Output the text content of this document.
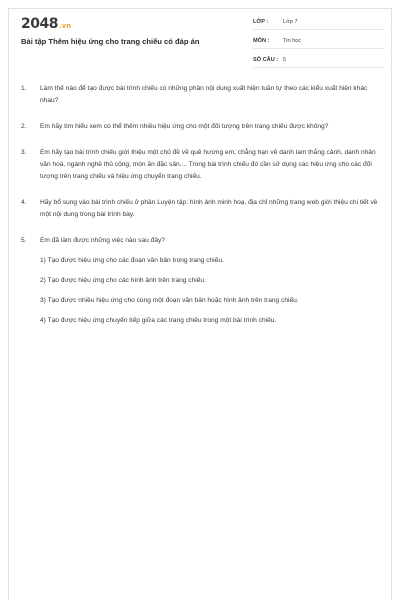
2048.vn
Bài tập Thêm hiệu ứng cho trang chiếu có đáp án
LỚP :	Lớp 7
MÔN :	Tin học
SỐ CÂU : 5
1.	Làm thế nào để tạo được bài trình chiếu có những phần nội dung xuất hiện tuần tự theo các kiểu xuất hiện khác nhau?
2.	Em hãy tìm hiểu xem có thể thêm nhiều hiệu ứng cho một đối tượng trên trang chiếu được không?
3.	Em hãy tạo bài trình chiếu giới thiệu một chủ đề về quê hương em, chẳng hạn về danh lam thắng cảnh, danh nhân văn hoá, ngành nghề thủ công, món ăn đặc sản.... Trong bài trình chiếu đó cần sử dụng các hiệu ứng cho các đối tượng trên trang chiếu và hiệu ứng chuyển trang chiếu.
4.	Hãy bổ sung vào bài trình chiếu ở phần Luyện tập: hình ảnh minh hoạ, địa chỉ những trang web giới thiệu chi tiết về một nội dung trong bài trình bày.
5.	Em đã làm được những việc nào sau đây?
1) Tạo được hiệu ứng cho các đoạn văn bản trong trang chiếu.
2) Tạo được hiệu ứng cho các hình ảnh trên trang chiếu.
3) Tạo được nhiều hiệu ứng cho cùng một đoạn văn bản hoặc hình ảnh trên trang chiếu.
4) Tạo được hiệu ứng chuyển tiếp giữa các trang chiếu trong một bài trình chiếu.
